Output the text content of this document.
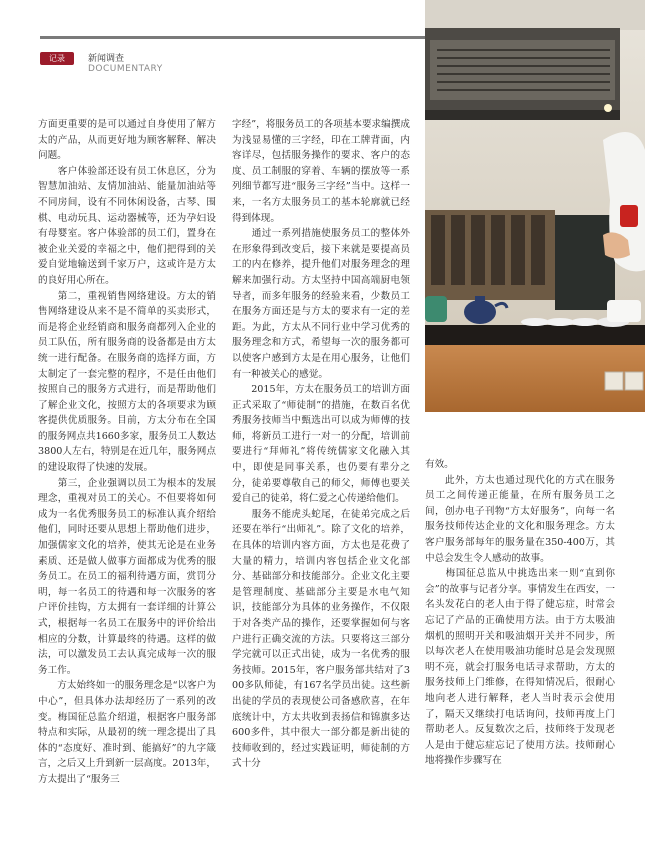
记录	新闻调查
DOCUMENTARY
方面更重要的是可以通过自身使用了解方太的产品，从而更好地为顾客解释、解决问题。
　　客户体验部还设有员工休息区，分为智慧加油站、友情加油站、能量加油站等不同房间，设有不同休闲设备，古琴、围棋、电动玩具、运动器械等，还为孕妇设有母婴室。客户体验部的员工们，置身在被企业关爱的幸福之中，他们把得到的关爱自觉地输送到千家万户，这或许是方太的良好用心所在。
　　第二，重视销售网络建设。方太的销售网络建设从来不是不简单的买卖形式，而是将企业经销商和服务商都列入企业的员工队伍，所有服务商的设备都是由方太统一进行配备。在服务商的选择方面，方太制定了一套完整的程序，不是任由他们按照自己的服务方式进行，而是帮助他们了解企业文化，按照方太的各项要求为顾客提供优质服务。目前，方太分布在全国的服务网点共1660多家，服务员工人数达3800人左右，特别是在近几年，服务网点的建设取得了快速的发展。
　　第三，企业强调以员工为根本的发展理念，重视对员工的关心。不但要将如何成为一名优秀服务员工的标准认真介绍给他们，同时还要从思想上帮助他们进步，加强儒家文化的培养，使其无论是在业务素质、还是做人做事方面都成为优秀的服务员工。在员工的福利待遇方面，赏罚分明，每一名员工的待遇和每一次服务的客户评价挂钩，方太拥有一套详细的计算公式，根据每一名员工在服务中的评价给出相应的分数，计算最终的待遇。这样的做法，可以激发员工去认真完成每一次的服务工作。
　　方太始终如一的服务理念是“以客户为中心”，但具体办法却经历了一系列的改变。梅国征总监介绍道，根据客户服务部特点和实际，从最初的统一理念提出了具体的“态度好、准时到、能搞好”的九字箴言，之后又上升到新一层高度。2013年，方太提出了“服务三
字经”，将服务员工的各项基本要求编撰成为浅显易懂的三字经，印在工牌背面，内容详尽，包括服务操作的要求、客户的态度、员工制服的穿着、车辆的摆放等一系列细节都写进“服务三字经”当中。这样一来，一名方太服务员工的基本轮廓就已经得到体现。
　　通过一系列措施使服务员工的整体外在形象得到改变后，接下来就是要提高员工的内在修养，提升他们对服务理念的理解来加强行动。方太坚持中国高端厨电领导者，而多年服务的经验来看，少数员工在服务方面还是与方太的要求有一定的差距。为此，方太从不同行业中学习优秀的服务理念和方式，希望每一次的服务都可以使客户感到方太是在用心服务，让他们有一种被关心的感觉。
　　2015年，方太在服务员工的培训方面正式采取了“师徒制”的措施，在数百名优秀服务技师当中甄选出可以成为师傅的技师，将新员工进行一对一的分配，培训前要进行“拜师礼”将传统儒家文化融入其中，即使是同事关系，也仍要有辈分之分，徒弟要尊敬自己的师父，师傅也要关爱自己的徒弟，将仁爱之心传递给他们。
　　服务不能虎头蛇尾，在徒弟完成之后还要在举行“出师礼”。除了文化的培养，在具体的培训内容方面，方太也是花费了大量的精力，培训内容包括企业文化部分、基础部分和技能部分。企业文化主要是管理制度、基础部分主要是水电气知识，技能部分为具体的业务操作，不仅限于对各类产品的操作，还要掌握如何与客户进行正确交流的方法。只要将这三部分学完就可以正式出徒，成为一名优秀的服务技师。2015年，客户服务部共结对了300多队师徒，有167名学员出徒。这些新出徒的学员的表现使公司备感欣喜，在年底统计中，方太共收到表扬信和锦旗多达600多件，其中很大一部分都是新出徒的技师收到的，经过实践证明，师徒制的方式十分
有效。
　　此外，方太也通过现代化的方式在服务员工之间传递正能量，在所有服务员工之间，创办电子刊物“方太好服务”，向每一名服务技师传达企业的文化和服务理念。方太客户服务部每年的服务量在350-400万，其中总会发生令人感动的故事。
　　梅国征总监从中挑选出来一则“直到你会”的故事与记者分享。事情发生在西安，一名头发花白的老人由于得了健忘症，时常会忘记了产品的正确使用方法。由于方太吸油烟机的照明开关和吸油烟开关并不同步，所以每次老人在使用吸油功能时总是会发现照明不亮，就会打服务电话寻求帮助，方太的服务技师上门维修，在得知情况后，很耐心地向老人进行解释，老人当时表示会使用了，隔天又继续打电话询问，技师再度上门帮助老人。反复数次之后，技师终于发现老人是由于健忘症忘记了使用方法。技师耐心地将操作步骤写在
